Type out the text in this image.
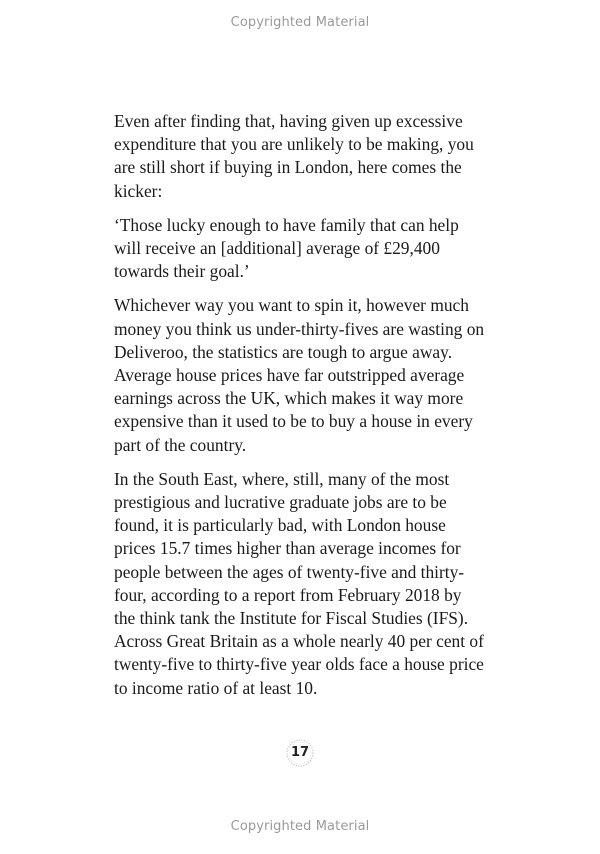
Copyrighted Material

Even after finding that, having given up excessive expenditure that you are unlikely to be making, you are still short if buying in London, here comes the kicker:

‘Those lucky enough to have family that can help will receive an [additional] average of £29,400 towards their goal.’

Whichever way you want to spin it, however much money you think us under-thirty-fives are wasting on Deliveroo, the statistics are tough to argue away. Average house prices have far outstripped average earnings across the UK, which makes it way more expensive than it used to be to buy a house in every part of the country.

In the South East, where, still, many of the most prestigious and lucrative graduate jobs are to be found, it is particularly bad, with London house prices 15.7 times higher than average incomes for people between the ages of twenty-five and thirty-four, according to a report from February 2018 by the think tank the Institute for Fiscal Studies (IFS). Across Great Britain as a whole nearly 40 per cent of twenty-five to thirty-five year olds face a house price to income ratio of at least 10.

17
Copyrighted Material
